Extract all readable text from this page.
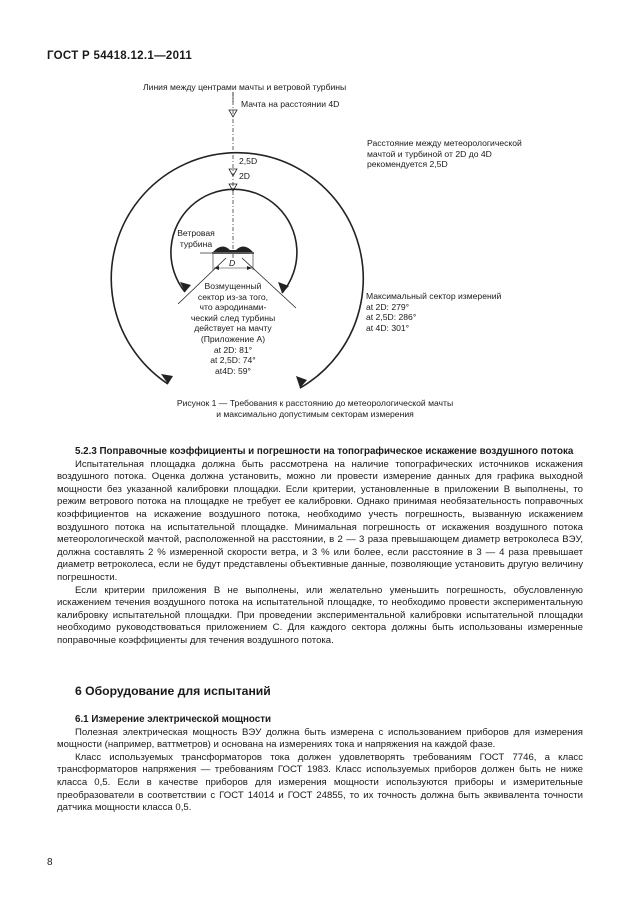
ГОСТ Р 54418.12.1—2011
Линия между центрами мачты и ветровой турбины
Мачта на расстоянии 4D
2,5D
2D
Расстояние между метеорологической
мачтой и турбиной от 2D до 4D
рекомендуется 2,5D
Ветровая
турбина
D
Возмущенный
сектор из-за того,
что аэродинами-
ческий след турбины
действует на мачту
(Приложение A)
at 2D: 81°
at 2,5D: 74°
at4D: 59°
Максимальный сектор измерений
at 2D: 279°
at 2,5D: 286°
at 4D: 301°
Рисунок 1 — Требования к расстоянию до метеорологической мачты
и максимально допустимым секторам измерения

5.2.3 Поправочные коэффициенты и погрешности на топографическое искажение воздушного потока

Испытательная площадка должна быть рассмотрена на наличие топографических источников искажения воздушного потока. Оценка должна установить, можно ли провести измерение данных для графика выходной мощности без указанной калибровки площадки. Если критерии, установленные в приложении В выполнены, то режим ветрового потока на площадке не требует ее калибровки. Однако принимая необязательность поправочных коэффициентов на искажение воздушного потока, необходимо учесть погрешность, вызванную искажением воздушного потока на испытательной площадке. Минимальная погрешность от искажения воздушного потока метеорологической мачтой, расположенной на расстоянии, в 2 — 3 раза превышающем диаметр ветроколеса ВЭУ, должна составлять 2 % измеренной скорости ветра, и 3 % или более, если расстояние в 3 — 4 раза превышает диаметр ветроколеса, если не будут представлены объективные данные, позволяющие установить другую величину погрешности.

Если критерии приложения В не выполнены, или желательно уменьшить погрешность, обусловленную искажением течения воздушного потока на испытательной площадке, то необходимо провести экспериментальную калибровку испытательной площадки. При проведении экспериментальной калибровки испытательной площадки необходимо руководствоваться приложением С. Для каждого сектора должны быть использованы измеренные поправочные коэффициенты для течения воздушного потока.

6 Оборудование для испытаний

6.1 Измерение электрической мощности

Полезная электрическая мощность ВЭУ должна быть измерена с использованием приборов для измерения мощности (например, ваттметров) и основана на измерениях тока и напряжения на каждой фазе.

Класс используемых трансформаторов тока должен удовлетворять требованиям ГОСТ 7746, а класс трансформаторов напряжения — требованиям ГОСТ 1983. Класс используемых приборов должен быть не ниже класса 0,5. Если в качестве приборов для измерения мощности используются приборы и измерительные преобразователи в соответствии с ГОСТ 14014 и ГОСТ 24855, то их точность должна быть эквивалента точности датчика мощности класса 0,5.

8
